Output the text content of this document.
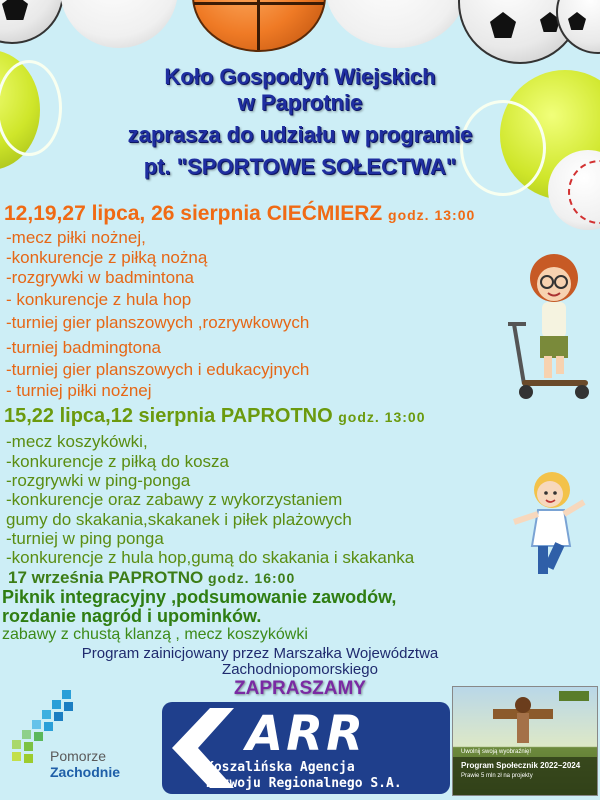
Koło Gospodyń Wiejskich
w Paprotnie
zaprasza do udziału w programie
pt. "SPORTOWE SOŁECTWA"
12,19,27 lipca, 26 sierpnia CIEĆMIERZ godz. 13:00
-mecz piłki nożnej,
-konkurencje z piłką nożną
-rozgrywki w badmintona
- konkurencje z hula hop
-turniej gier planszowych ,rozrywkowych
-turniej badmingtona
-turniej gier planszowych i edukacyjnych
- turniej piłki nożnej
15,22 lipca,12 sierpnia PAPROTNO godz. 13:00
-mecz koszykówki,
-konkurencje z piłką do kosza
-rozgrywki w ping-ponga
-konkurencje oraz zabawy z wykorzystaniem
gumy do skakania,skakanek i piłek plażowych
-turniej w ping ponga
-konkurencje z hula hop,gumą do skakania i skakanka
17 września PAPROTNO godz. 16:00
Piknik integracyjny ,podsumowanie zawodów,
rozdanie nagród i upominków.
zabawy z chustą klanzą , mecz koszykówki
Program zainicjowany przez Marszałka Województwa
Zachodniopomorskiego
ZAPRASZAMY
Pomorze
Zachodnie
ARR
Koszalińska Agencja
Rozwoju Regionalnego S.A.
Uwolnij swoją wyobraźnię!
Program Społecznik 2022–2024
Prawie 5 mln zł na projekty
